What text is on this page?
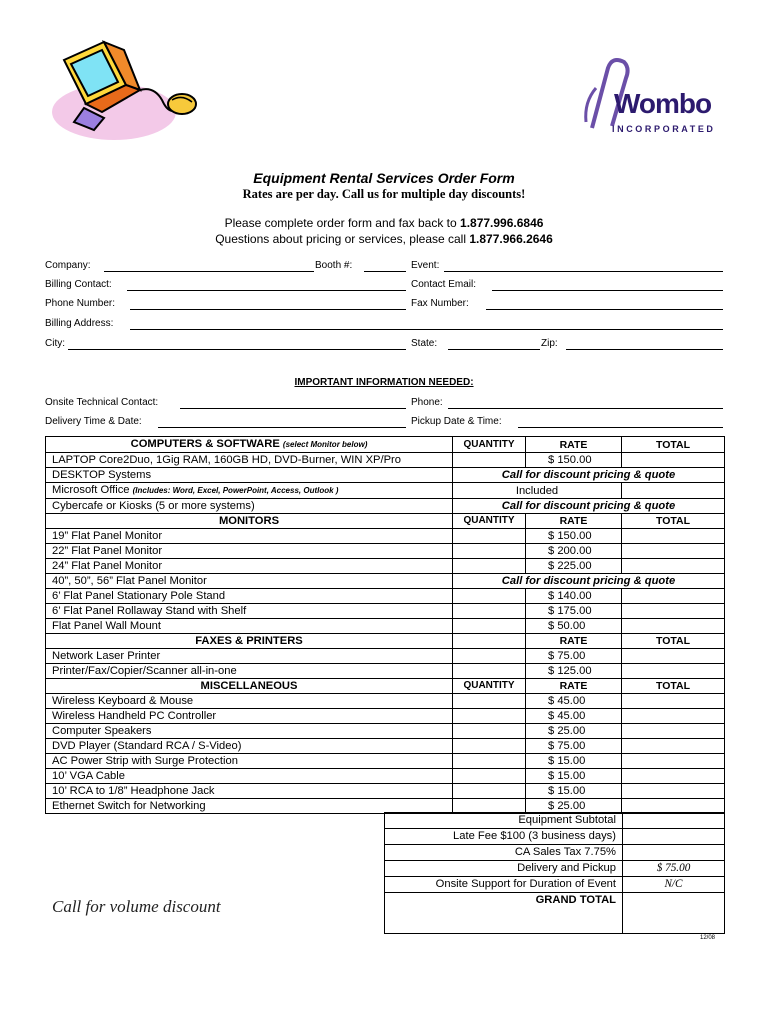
Wombo
INCORPORATED
Equipment Rental Services Order Form
Rates are per day. Call us for multiple day discounts!
Please complete order form and fax back to 1.877.996.6846
Questions about pricing or services, please call 1.877.966.2646
Company:	Booth #:	Event:
Billing Contact:	Contact Email:
Phone Number:	Fax Number:
Billing Address:
City:	State:	Zip:
IMPORTANT INFORMATION NEEDED:
Onsite Technical Contact:	Phone:
Delivery Time & Date:	Pickup Date & Time:
COMPUTERS & SOFTWARE (select Monitor below)	QUANTITY	RATE	TOTAL
LAPTOP Core2Duo, 1Gig RAM, 160GB HD, DVD-Burner, WIN XP/Pro		$ 150.00	
DESKTOP Systems	Call for discount pricing & quote		
Microsoft Office (Includes: Word, Excel, PowerPoint, Access, Outlook )	Included		
Cybercafe or Kiosks (5 or more systems)	Call for discount pricing & quote		
MONITORS	QUANTITY	RATE	TOTAL
19” Flat Panel Monitor		$ 150.00	
22” Flat Panel Monitor		$ 200.00	
24” Flat Panel Monitor		$ 225.00	
40”, 50”, 56” Flat Panel Monitor	Call for discount pricing & quote		
6’ Flat Panel Stationary Pole Stand		$ 140.00	
6’ Flat Panel Rollaway Stand with Shelf		$ 175.00	
Flat Panel Wall Mount		$ 50.00	
FAXES & PRINTERS		RATE	TOTAL
Network Laser Printer		$ 75.00	
Printer/Fax/Copier/Scanner all-in-one		$ 125.00	
MISCELLANEOUS	QUANTITY	RATE	TOTAL
Wireless Keyboard & Mouse		$ 45.00	
Wireless Handheld PC Controller		$ 45.00	
Computer Speakers		$ 25.00	
DVD Player (Standard RCA / S-Video)		$ 75.00	
AC Power Strip with Surge Protection		$ 15.00	
10’ VGA Cable		$ 15.00	
10’ RCA to 1/8” Headphone Jack		$ 15.00	
Ethernet Switch for Networking		$ 25.00	
Equipment Subtotal	
Late Fee $100 (3 business days)	
CA Sales Tax 7.75%	
Delivery and Pickup	$ 75.00
Onsite Support for Duration of Event	N/C
GRAND TOTAL	
Call for volume discount
12/08
